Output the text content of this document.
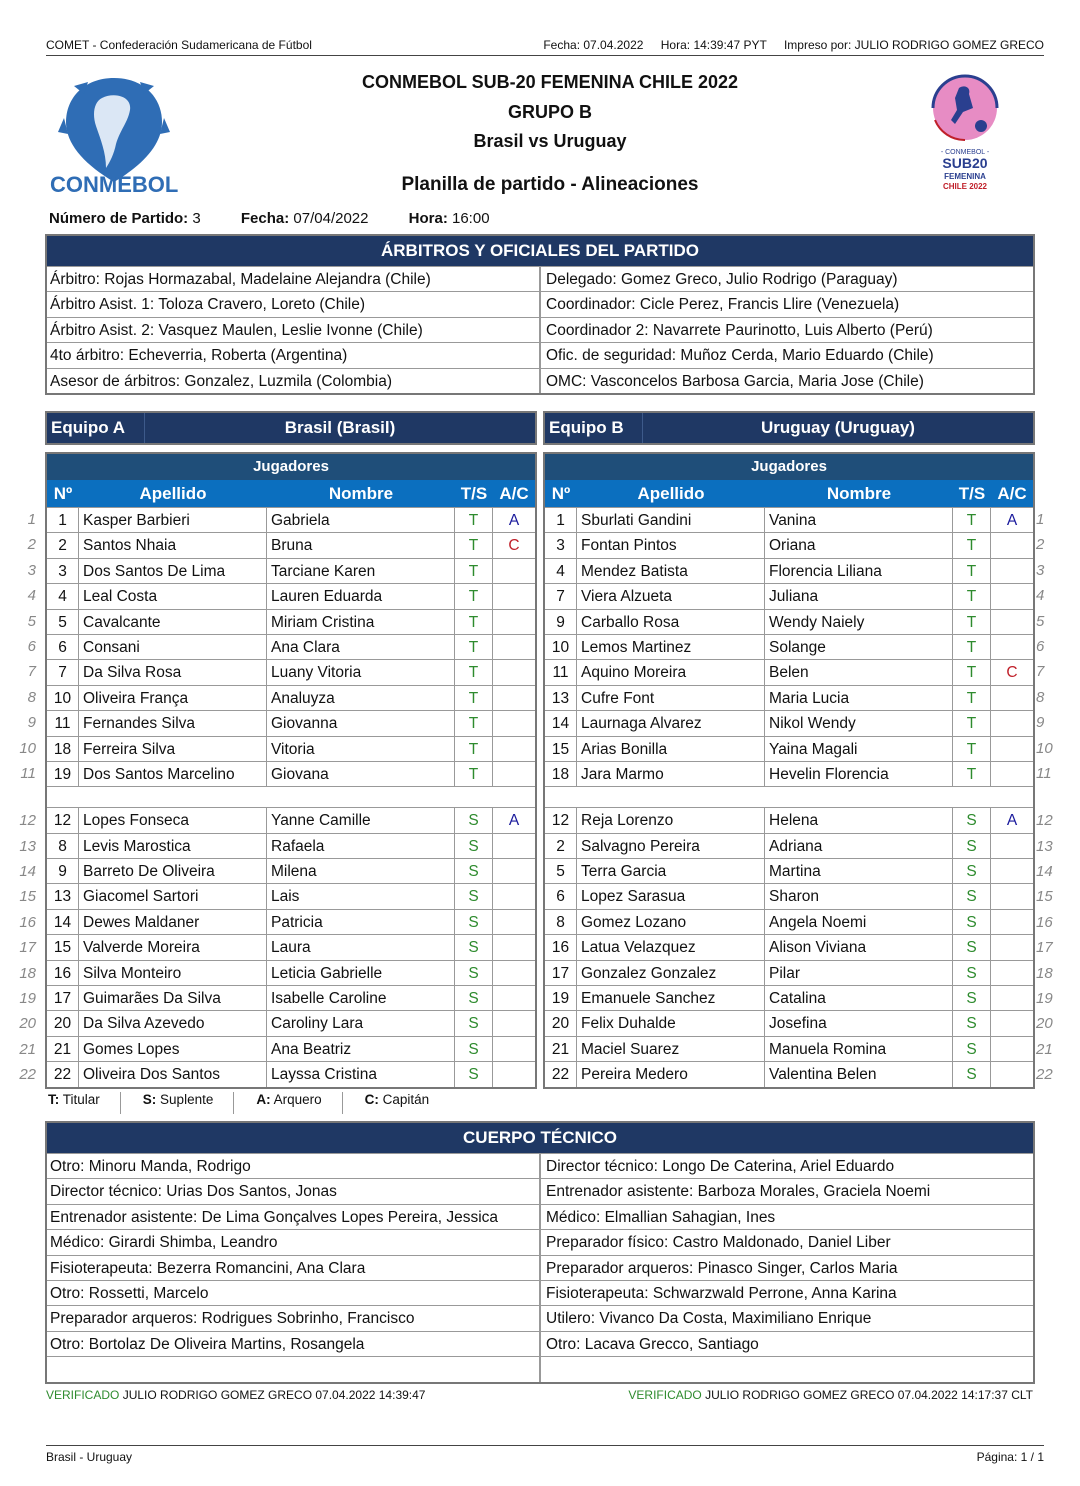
COMET - Confederación Sudamericana de Fútbol	Fecha: 07.04.2022 Hora: 14:39:47 PYT Impreso por: JULIO RODRIGO GOMEZ GRECO
- CONMEBOL -
- CONMEBOL -
SUB20
FEMENINA
CHILE 2022
CONMEBOL SUB-20 FEMENINA CHILE 2022
GRUPO B
Brasil vs Uruguay
Planilla de partido - Alineaciones
Número de Partido: 3	Fecha: 07/04/2022	Hora: 16:00
ÁRBITROS Y OFICIALES DEL PARTIDO
Árbitro: Rojas Hormazabal, Madelaine Alejandra (Chile)	Delegado: Gomez Greco, Julio Rodrigo (Paraguay)
Árbitro Asist. 1: Toloza Cravero, Loreto (Chile)	Coordinador: Cicle Perez, Francis Llire (Venezuela)
Árbitro Asist. 2: Vasquez Maulen, Leslie Ivonne (Chile)	Coordinador 2: Navarrete Paurinotto, Luis Alberto (Perú)
4to árbitro: Echeverria, Roberta (Argentina)	Ofic. de seguridad: Muñoz Cerda, Mario Eduardo (Chile)
Asesor de árbitros: Gonzalez, Luzmila (Colombia)	OMC: Vasconcelos Barbosa Garcia, Maria Jose (Chile)
Equipo A	Brasil (Brasil)	Equipo B	Uruguay (Uruguay)
Jugadores
Nº	Apellido	Nombre	T/S A/C
1	Kasper Barbieri	Gabriela	T	A
2	Santos Nhaia	Bruna	T	C
3	Dos Santos De Lima	Tarciane Karen	T
4	Leal Costa	Lauren Eduarda	T
5	Cavalcante	Miriam Cristina	T
6	Consani	Ana Clara	T
7	Da Silva Rosa	Luany Vitoria	T
10 Oliveira França	Analuyza	T
11 Fernandes Silva	Giovanna	T
18 Ferreira Silva	Vitoria	T
19 Dos Santos Marcelino	Giovana	T
12 Lopes Fonseca	Yanne Camille	S	A
8	Levis Marostica	Rafaela	S
9	Barreto De Oliveira	Milena	S
13 Giacomel Sartori	Lais	S
14 Dewes Maldaner	Patricia	S
15 Valverde Moreira	Laura	S
16 Silva Monteiro	Leticia Gabrielle	S
17 Guimarães Da Silva	Isabelle Caroline	S
20 Da Silva Azevedo	Caroliny Lara	S
21 Gomes Lopes	Ana Beatriz	S
22 Oliveira Dos Santos	Layssa Cristina	S
Jugadores
Nº	Apellido	Nombre	T/S A/C
1	Sburlati Gandini	Vanina	T	A
3	Fontan Pintos	Oriana	T
4	Mendez Batista	Florencia Liliana	T
7	Viera Alzueta	Juliana	T
9	Carballo Rosa	Wendy Naiely	T
10 Lemos Martinez	Solange	T
11 Aquino Moreira	Belen	T	C
13 Cufre Font	Maria Lucia	T
14 Laurnaga Alvarez	Nikol Wendy	T
15 Arias Bonilla	Yaina Magali	T
18 Jara Marmo	Hevelin Florencia	T
12 Reja Lorenzo	Helena	S	A
2	Salvagno Pereira	Adriana	S
5	Terra Garcia	Martina	S
6	Lopez Sarasua	Sharon	S
8	Gomez Lozano	Angela Noemi	S
16 Latua Velazquez	Alison Viviana	S
17 Gonzalez Gonzalez	Pilar	S
19 Emanuele Sanchez	Catalina	S
20 Felix Duhalde	Josefina	S
21 Maciel Suarez	Manuela Romina	S
22 Pereira Medero	Valentina Belen	S
1
2
3
4
5
6
7
8
9
10
11
12
13
14
15
16
17
18
19
20
21
22
1
2
3
4
5
6
7
8
9
10
11
12
13
14
15
16
17
18
19
20
21
22
T: Titular	S: Suplente	A: Arquero	C: Capitán
CUERPO TÉCNICO
Otro: Minoru Manda, Rodrigo	Director técnico: Longo De Caterina, Ariel Eduardo
Director técnico: Urias Dos Santos, Jonas	Entrenador asistente: Barboza Morales, Graciela Noemi
Entrenador asistente: De Lima Gonçalves Lopes Pereira, Jessica	Médico: Elmallian Sahagian, Ines
Médico: Girardi Shimba, Leandro	Preparador físico: Castro Maldonado, Daniel Liber
Fisioterapeuta: Bezerra Romancini, Ana Clara	Preparador arqueros: Pinasco Singer, Carlos Maria
Otro: Rossetti, Marcelo	Fisioterapeuta: Schwarzwald Perrone, Anna Karina
Preparador arqueros: Rodrigues Sobrinho, Francisco	Utilero: Vivanco Da Costa, Maximiliano Enrique
Otro: Bortolaz De Oliveira Martins, Rosangela	Otro: Lacava Grecco, Santiago
VERIFICADO JULIO RODRIGO GOMEZ GRECO 07.04.2022 14:39:47	VERIFICADO JULIO RODRIGO GOMEZ GRECO 07.04.2022 14:17:37 CLT
Brasil - Uruguay	Página: 1 / 1
